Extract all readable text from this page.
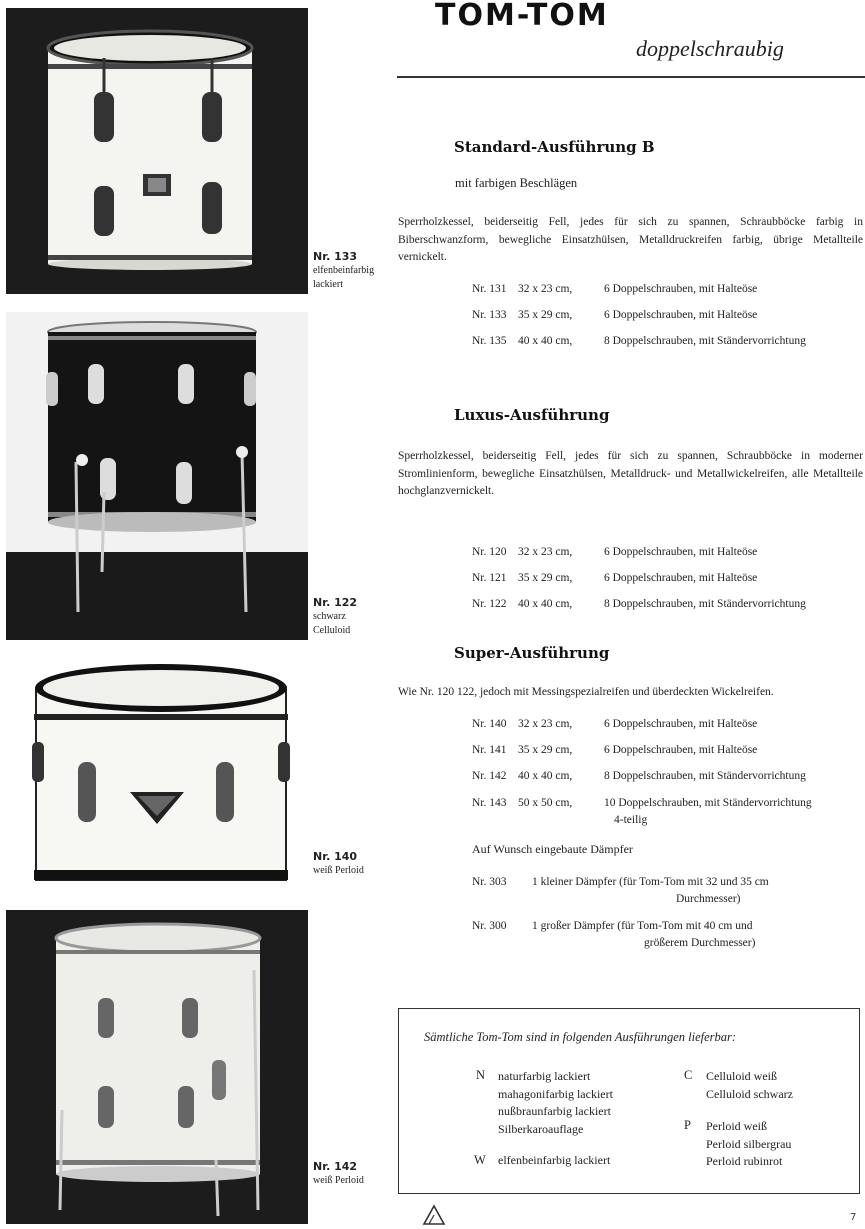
TOM-TOM
doppelschraubig
Nr. 133
elfenbeinfarbig
lackiert
Nr. 122
schwarz
Celluloid
Nr. 140
weiß Perloid
Nr. 142
weiß Perloid
Standard-Ausführung B
mit farbigen Beschlägen
Sperrholzkessel, beiderseitig Fell, jedes für sich zu spannen, Schraubböcke farbig in Biberschwanzform, bewegliche Einsatzhülsen, Metalldruckreifen farbig, übrige Metallteile vernickelt.
Nr. 131 32 x 23 cm,	6 Doppelschrauben, mit Halteöse
Nr. 133 35 x 29 cm,	6 Doppelschrauben, mit Halteöse
Nr. 135 40 x 40 cm,	8 Doppelschrauben, mit Ständervorrichtung
Luxus-Ausführung
Sperrholzkessel, beiderseitig Fell, jedes für sich zu spannen, Schraubböcke in moderner Stromlinienform, bewegliche Einsatzhülsen, Metalldruck- und Metallwickelreifen, alle Metallteile hochglanzvernickelt.
Nr. 120 32 x 23 cm,	6 Doppelschrauben, mit Halteöse
Nr. 121 35 x 29 cm,	6 Doppelschrauben, mit Halteöse
Nr. 122 40 x 40 cm,	8 Doppelschrauben, mit Ständervorrichtung
Super-Ausführung
Wie Nr. 120 122, jedoch mit Messingspezialreifen und überdeckten Wickelreifen.
Nr. 140 32 x 23 cm,	6 Doppelschrauben, mit Halteöse
Nr. 141 35 x 29 cm,	6 Doppelschrauben, mit Halteöse
Nr. 142 40 x 40 cm,	8 Doppelschrauben, mit Ständervorrichtung
Nr. 143 50 x 50 cm,	10 Doppelschrauben, mit Ständervorrichtung
4-teilig
Auf Wunsch eingebaute Dämpfer
Nr. 303 1 kleiner Dämpfer (für Tom-Tom mit 32 und 35 cm
Durchmesser)
Nr. 300 1 großer Dämpfer (für Tom-Tom mit 40 cm und
größerem Durchmesser)
Sämtliche Tom-Tom sind in folgenden Ausführungen lieferbar:
N naturfarbig lackiert
mahagonifarbig lackiert
nußbraunfarbig lackiert
Silberkaroauflage
W elfenbeinfarbig lackiert
C Celluloid weiß
Celluloid schwarz
P Perloid weiß
Perloid silbergrau
Perloid rubinrot
7
